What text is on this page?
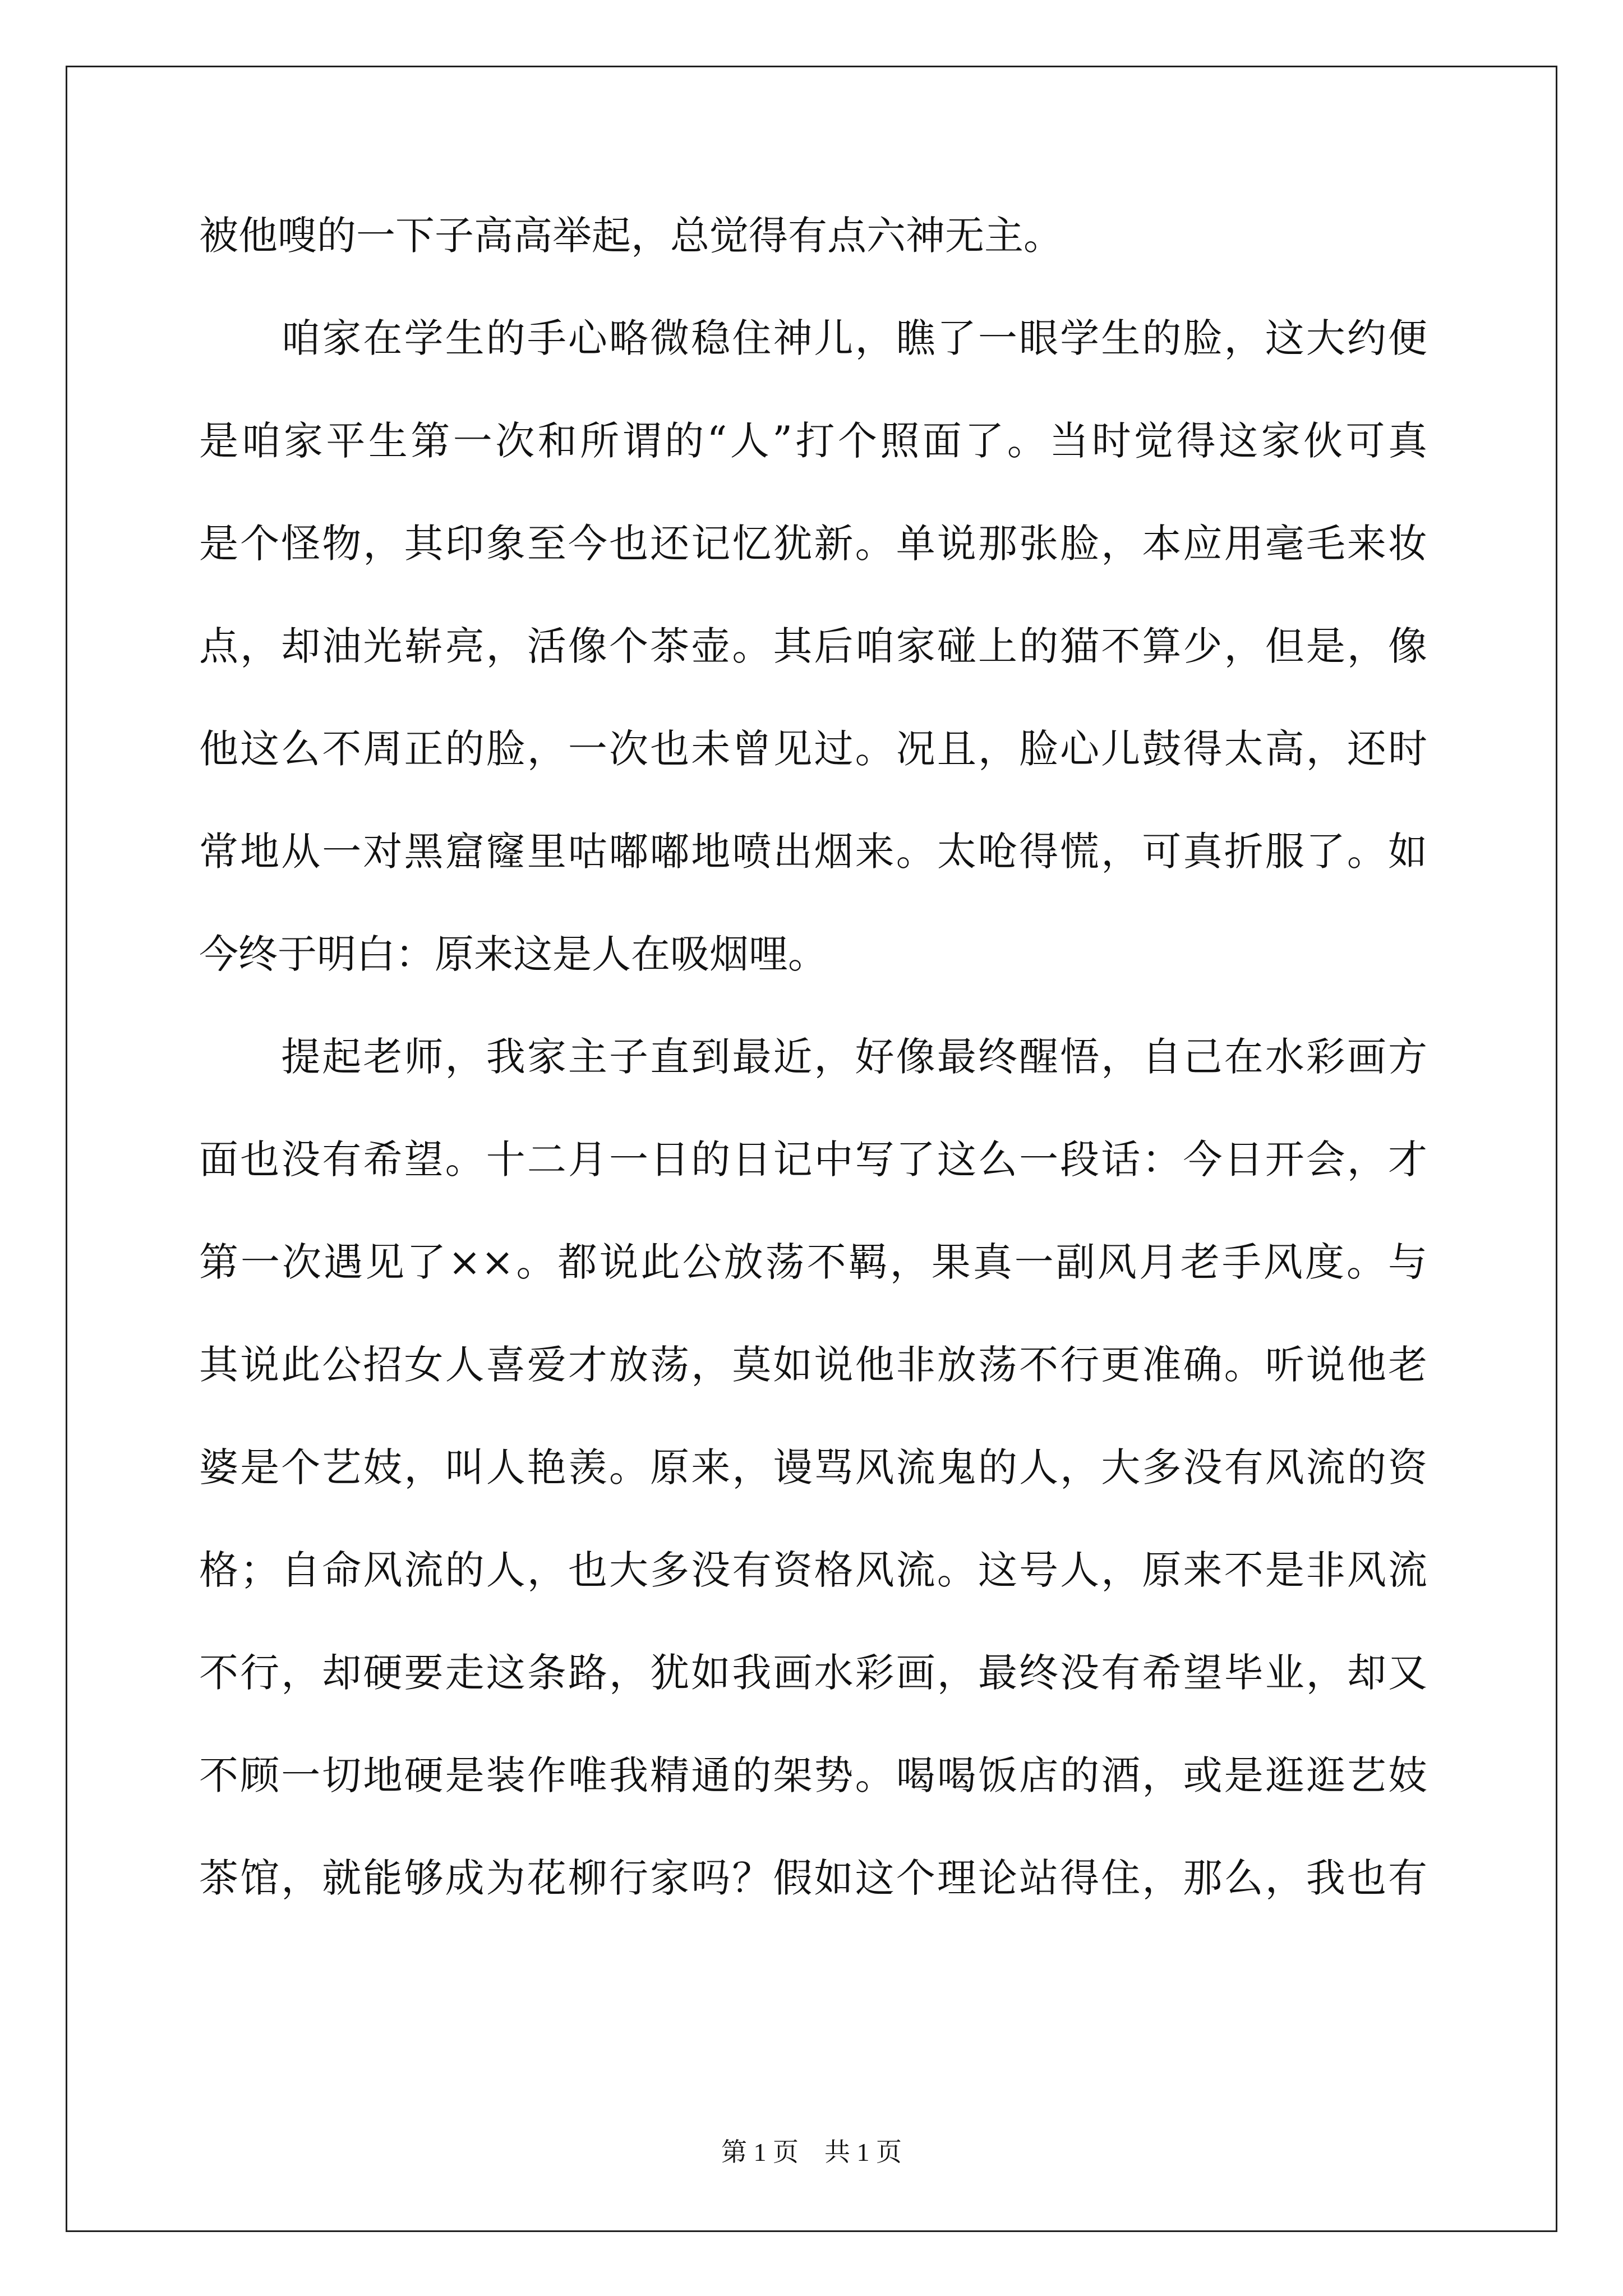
被他嗖的一下子高高举起，总觉得有点六神无主。
　　咱家在学生的手心略微稳住神儿，瞧了一眼学生的脸，这大约便
是咱家平生第一次和所谓的“人”打个照面了。当时觉得这家伙可真
是个怪物，其印象至今也还记忆犹新。单说那张脸，本应用毫毛来妆
点，却油光崭亮，活像个茶壶。其后咱家碰上的猫不算少，但是，像
他这么不周正的脸，一次也未曾见过。况且，脸心儿鼓得太高，还时
常地从一对黑窟窿里咕嘟嘟地喷出烟来。太呛得慌，可真折服了。如
今终于明白：原来这是人在吸烟哩。
　　提起老师，我家主子直到最近，好像最终醒悟，自己在水彩画方
面也没有希望。十二月一日的日记中写了这么一段话：今日开会，才
第一次遇见了××。都说此公放荡不羁，果真一副风月老手风度。与
其说此公招女人喜爱才放荡，莫如说他非放荡不行更准确。听说他老
婆是个艺妓，叫人艳羡。原来，谩骂风流鬼的人，大多没有风流的资
格；自命风流的人，也大多没有资格风流。这号人，原来不是非风流
不行，却硬要走这条路，犹如我画水彩画，最终没有希望毕业，却又
不顾一切地硬是装作唯我精通的架势。喝喝饭店的酒，或是逛逛艺妓
茶馆，就能够成为花柳行家吗？假如这个理论站得住，那么，我也有
第 1 页　共 1 页
